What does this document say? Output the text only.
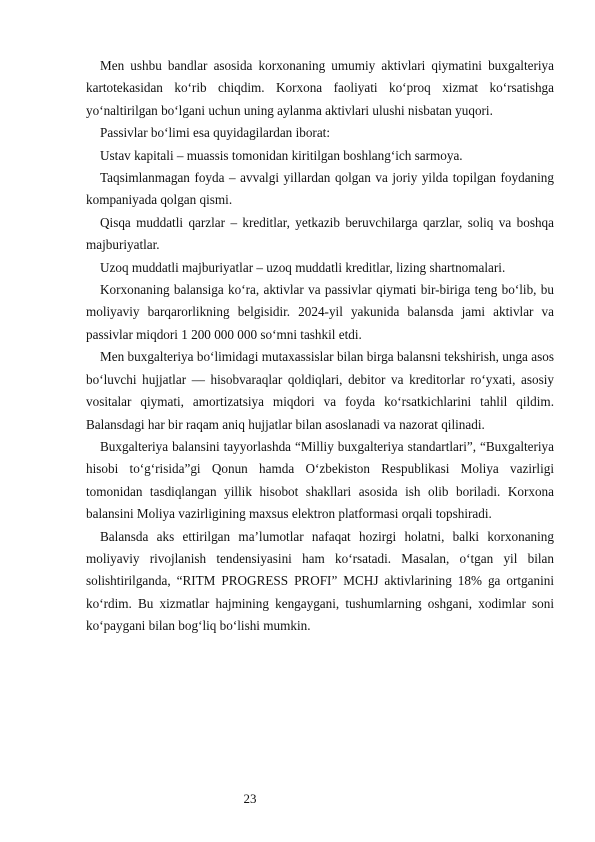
Men ushbu bandlar asosida korxonaning umumiy aktivlari qiymatini buxgalteriya kartotekasidan ko‘rib chiqdim. Korxona faoliyati ko‘proq xizmat ko‘rsatishga yo‘naltirilgan bo‘lgani uchun uning aylanma aktivlari ulushi nisbatan yuqori.

Passivlar bo‘limi esa quyidagilardan iborat:

Ustav kapitali – muassis tomonidan kiritilgan boshlang‘ich sarmoya.

Taqsimlanmagan foyda – avvalgi yillardan qolgan va joriy yilda topilgan foydaning kompaniyada qolgan qismi.

Qisqa muddatli qarzlar – kreditlar, yetkazib beruvchilarga qarzlar, soliq va boshqa majburiyatlar.

Uzoq muddatli majburiyatlar – uzoq muddatli kreditlar, lizing shartnomalari.

Korxonaning balansiga ko‘ra, aktivlar va passivlar qiymati bir-biriga teng bo‘lib, bu moliyaviy barqarorlikning belgisidir. 2024-yil yakunida balansda jami aktivlar va passivlar miqdori 1 200 000 000 so‘mni tashkil etdi.

Men buxgalteriya bo‘limidagi mutaxassislar bilan birga balansni tekshirish, unga asos bo‘luvchi hujjatlar — hisobvaraqlar qoldiqlari, debitor va kreditorlar ro‘yxati, asosiy vositalar qiymati, amortizatsiya miqdori va foyda ko‘rsatkichlarini tahlil qildim. Balansdagi har bir raqam aniq hujjatlar bilan asoslanadi va nazorat qilinadi.

Buxgalteriya balansini tayyorlashda “Milliy buxgalteriya standartlari”, “Buxgalteriya hisobi to‘g‘risida”gi Qonun hamda O‘zbekiston Respublikasi Moliya vazirligi tomonidan tasdiqlangan yillik hisobot shakllari asosida ish olib boriladi. Korxona balansini Moliya vazirligining maxsus elektron platformasi orqali topshiradi.

Balansda aks ettirilgan ma’lumotlar nafaqat hozirgi holatni, balki korxonaning moliyaviy rivojlanish tendensiyasini ham ko‘rsatadi. Masalan, o‘tgan yil bilan solishtirilganda, “RITM PROGRESS PROFI” MCHJ aktivlarining 18% ga ortganini ko‘rdim. Bu xizmatlar hajmining kengaygani, tushumlarning oshgani, xodimlar soni ko‘paygani bilan bog‘liq bo‘lishi mumkin.

23
